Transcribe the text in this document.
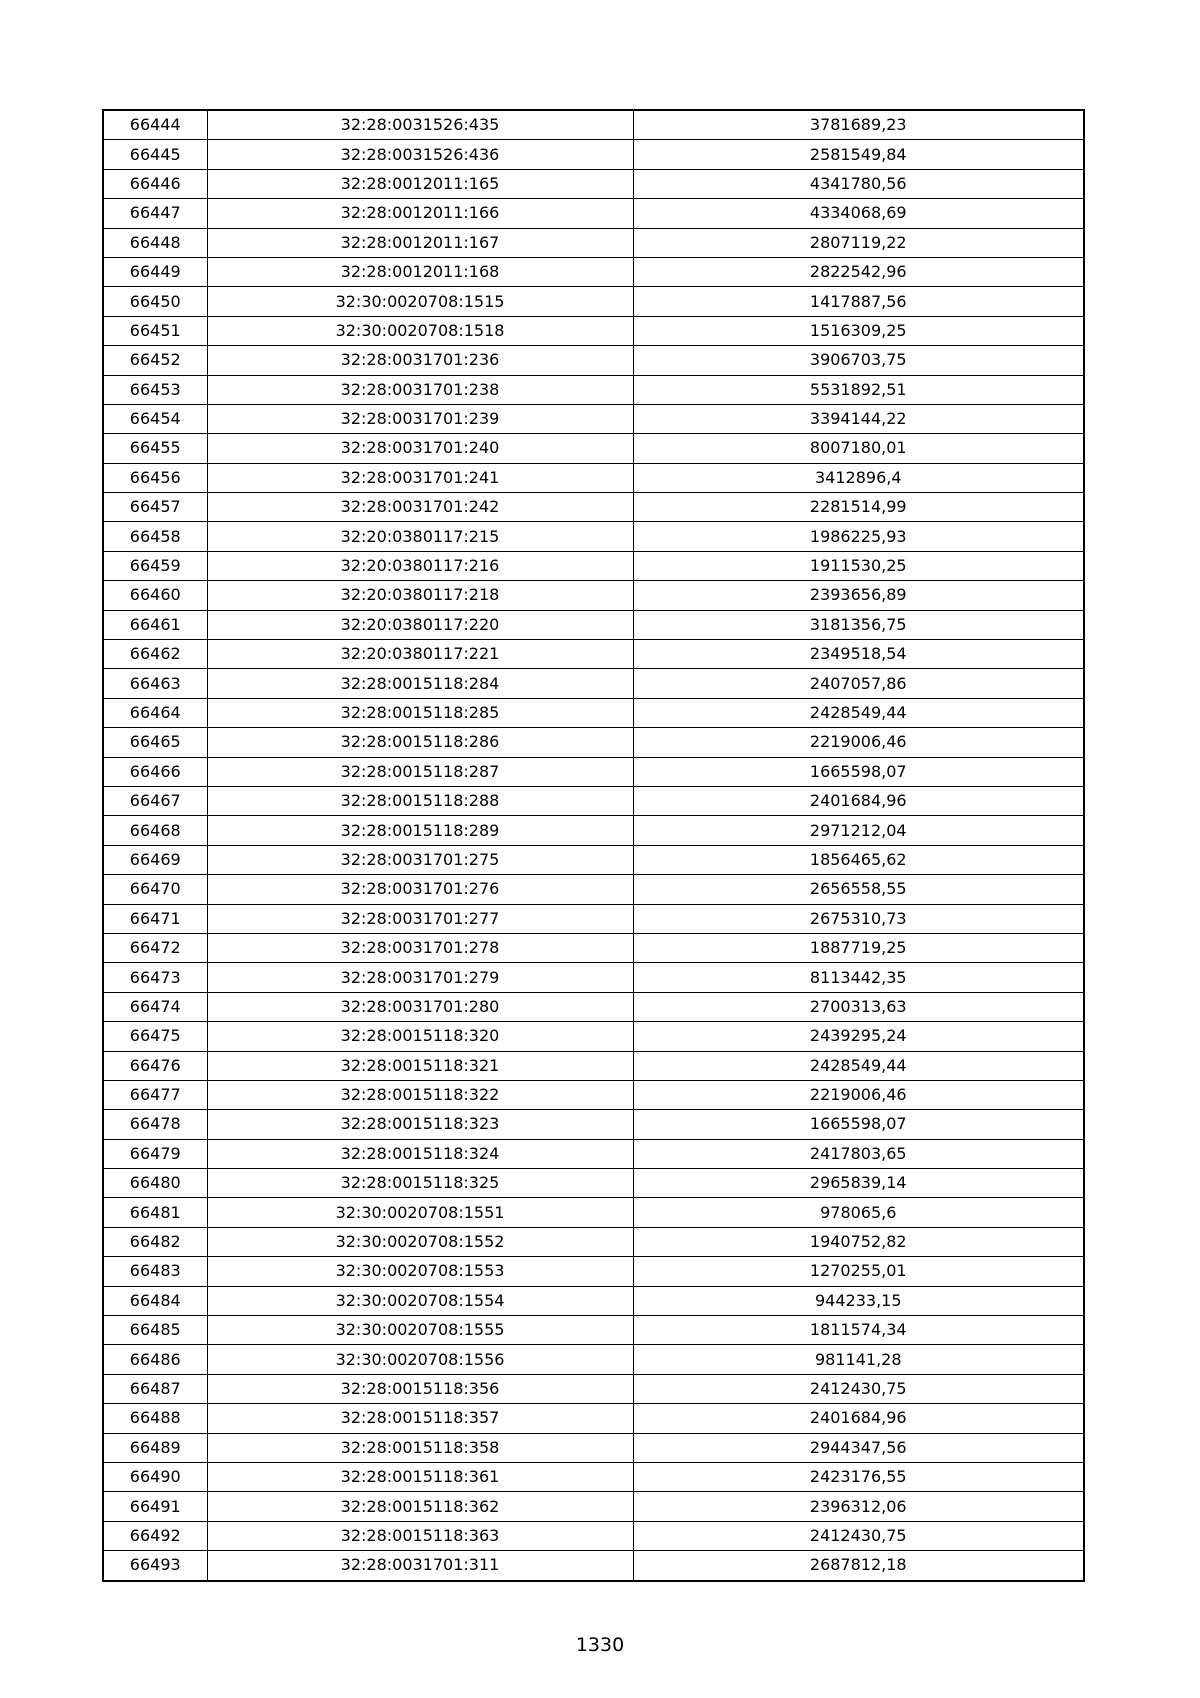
66444	32:28:0031526:435	3781689,23
66445	32:28:0031526:436	2581549,84
66446	32:28:0012011:165	4341780,56
66447	32:28:0012011:166	4334068,69
66448	32:28:0012011:167	2807119,22
66449	32:28:0012011:168	2822542,96
66450	32:30:0020708:1515	1417887,56
66451	32:30:0020708:1518	1516309,25
66452	32:28:0031701:236	3906703,75
66453	32:28:0031701:238	5531892,51
66454	32:28:0031701:239	3394144,22
66455	32:28:0031701:240	8007180,01
66456	32:28:0031701:241	3412896,4
66457	32:28:0031701:242	2281514,99
66458	32:20:0380117:215	1986225,93
66459	32:20:0380117:216	1911530,25
66460	32:20:0380117:218	2393656,89
66461	32:20:0380117:220	3181356,75
66462	32:20:0380117:221	2349518,54
66463	32:28:0015118:284	2407057,86
66464	32:28:0015118:285	2428549,44
66465	32:28:0015118:286	2219006,46
66466	32:28:0015118:287	1665598,07
66467	32:28:0015118:288	2401684,96
66468	32:28:0015118:289	2971212,04
66469	32:28:0031701:275	1856465,62
66470	32:28:0031701:276	2656558,55
66471	32:28:0031701:277	2675310,73
66472	32:28:0031701:278	1887719,25
66473	32:28:0031701:279	8113442,35
66474	32:28:0031701:280	2700313,63
66475	32:28:0015118:320	2439295,24
66476	32:28:0015118:321	2428549,44
66477	32:28:0015118:322	2219006,46
66478	32:28:0015118:323	1665598,07
66479	32:28:0015118:324	2417803,65
66480	32:28:0015118:325	2965839,14
66481	32:30:0020708:1551	978065,6
66482	32:30:0020708:1552	1940752,82
66483	32:30:0020708:1553	1270255,01
66484	32:30:0020708:1554	944233,15
66485	32:30:0020708:1555	1811574,34
66486	32:30:0020708:1556	981141,28
66487	32:28:0015118:356	2412430,75
66488	32:28:0015118:357	2401684,96
66489	32:28:0015118:358	2944347,56
66490	32:28:0015118:361	2423176,55
66491	32:28:0015118:362	2396312,06
66492	32:28:0015118:363	2412430,75
66493	32:28:0031701:311	2687812,18
1330
